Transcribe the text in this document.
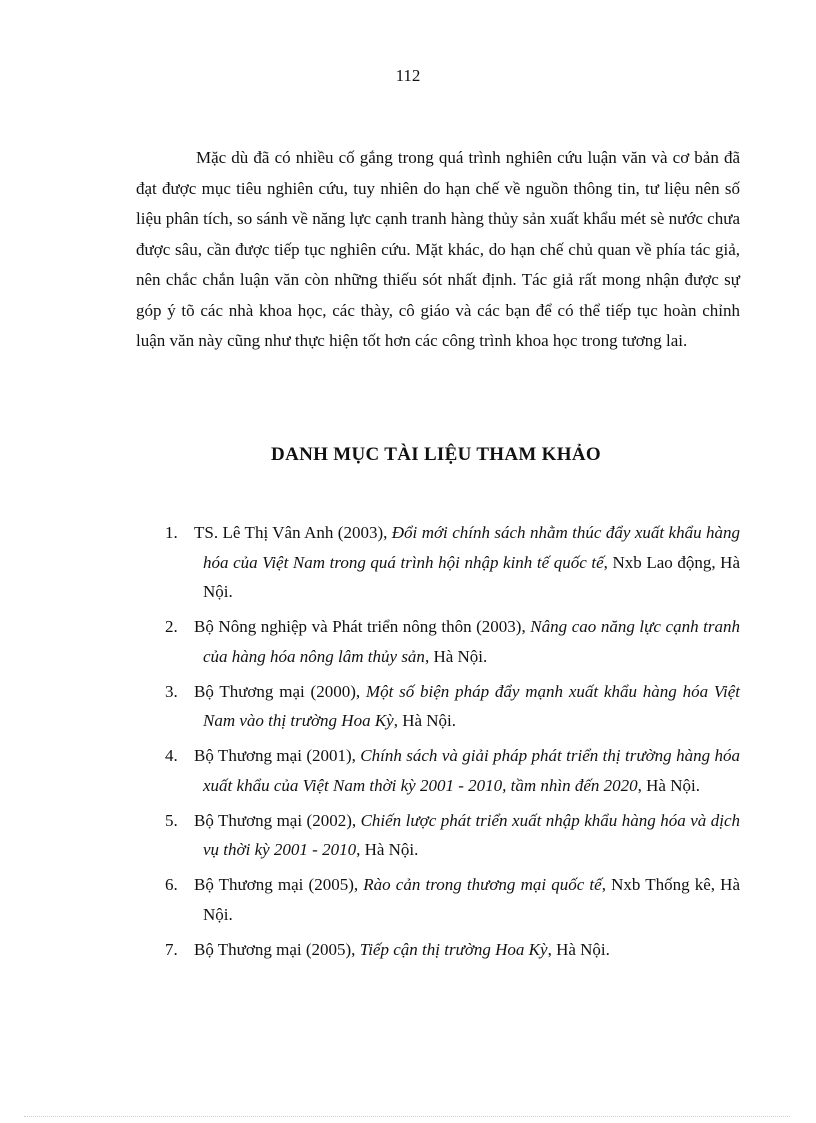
112

Mặc dù đã có nhiều cố gắng trong quá trình nghiên cứu luận văn và cơ bản đã đạt được mục tiêu nghiên cứu, tuy nhiên do hạn chế về nguồn thông tin, tư liệu nên số liệu phân tích, so sánh về năng lực cạnh tranh hàng thủy sản xuất khẩu mét sè nước chưa được sâu, cần được tiếp tục nghiên cứu. Mặt khác, do hạn chế chủ quan về phía tác giả, nên chắc chắn luận văn còn những thiếu sót nhất định. Tác giả rất mong nhận được sự góp ý tõ các nhà khoa học, các thày, cô giáo và các bạn để có thể tiếp tục hoàn chỉnh luận văn này cũng như thực hiện tốt hơn các công trình khoa học trong tương lai.

DANH MỤC TÀI LIỆU THAM KHẢO
1. TS. Lê Thị Vân Anh (2003), Đổi mới chính sách nhằm thúc đẩy xuất khẩu hàng hóa của Việt Nam trong quá trình hội nhập kinh tế quốc tế, Nxb Lao động, Hà Nội.
2. Bộ Nông nghiệp và Phát triển nông thôn (2003), Nâng cao năng lực cạnh tranh của hàng hóa nông lâm thủy sản, Hà Nội.
3. Bộ Thương mại (2000), Một số biện pháp đẩy mạnh xuất khẩu hàng hóa Việt Nam vào thị trường Hoa Kỳ, Hà Nội.
4. Bộ Thương mại (2001), Chính sách và giải pháp phát triển thị trường hàng hóa xuất khẩu của Việt Nam thời kỳ 2001 - 2010, tầm nhìn đến 2020, Hà Nội.
5. Bộ Thương mại (2002), Chiến lược phát triển xuất nhập khẩu hàng hóa và dịch vụ thời kỳ 2001 - 2010, Hà Nội.
6. Bộ Thương mại (2005), Rào cản trong thương mại quốc tế, Nxb Thống kê, Hà Nội.
7. Bộ Thương mại (2005), Tiếp cận thị trường Hoa Kỳ, Hà Nội.
